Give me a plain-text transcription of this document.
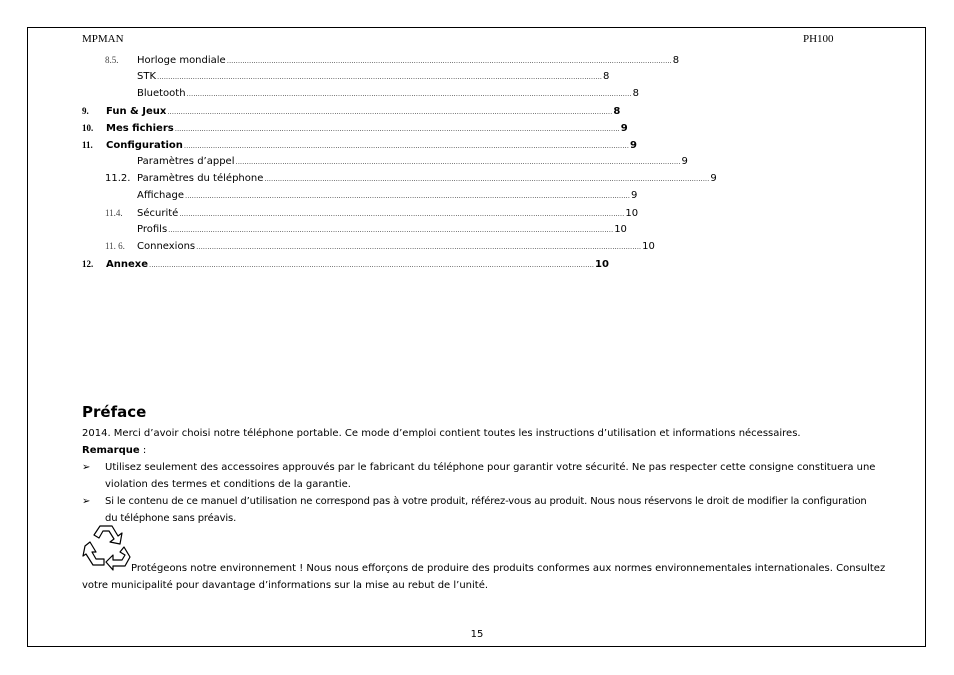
MPMAN	PH100
8.5. Horloge mondiale ........................................................................................................................................................................................................ 8
STK ........................................................................................................................................................................................................ 8
Bluetooth ........................................................................................................................................................................................................ 8
9. Fun & Jeux ........................................................................................................................................................................................................ 8
10. Mes fichiers ........................................................................................................................................................................................................ 9
11. Configuration ........................................................................................................................................................................................................ 9
Paramètres d’appel ........................................................................................................................................................................................................ 9
11.2. Paramètres du téléphone ........................................................................................................................................................................................................ 9
Affichage ........................................................................................................................................................................................................ 9
11.4. Sécurité ........................................................................................................................................................................................................ 10
Profils ........................................................................................................................................................................................................ 10
11. 6. Connexions ........................................................................................................................................................................................................ 10
12. Annexe ........................................................................................................................................................................................................ 10
Préface
2014. Merci d’avoir choisi notre téléphone portable. Ce mode d’emploi contient toutes les instructions d’utilisation et informations nécessaires.
Remarque :
➢ Utilisez seulement des accessoires approuvés par le fabricant du téléphone pour garantir votre sécurité. Ne pas respecter cette consigne constituera une
violation des termes et conditions de la garantie.
➢ Si le contenu de ce manuel d’utilisation ne correspond pas à votre produit, référez-vous au produit. Nous nous réservons le droit de modifier la configuration
du téléphone sans préavis.
Protégeons notre environnement ! Nous nous efforçons de produire des produits conformes aux normes environnementales internationales. Consultez
votre municipalité pour davantage d’informations sur la mise au rebut de l’unité.
15
